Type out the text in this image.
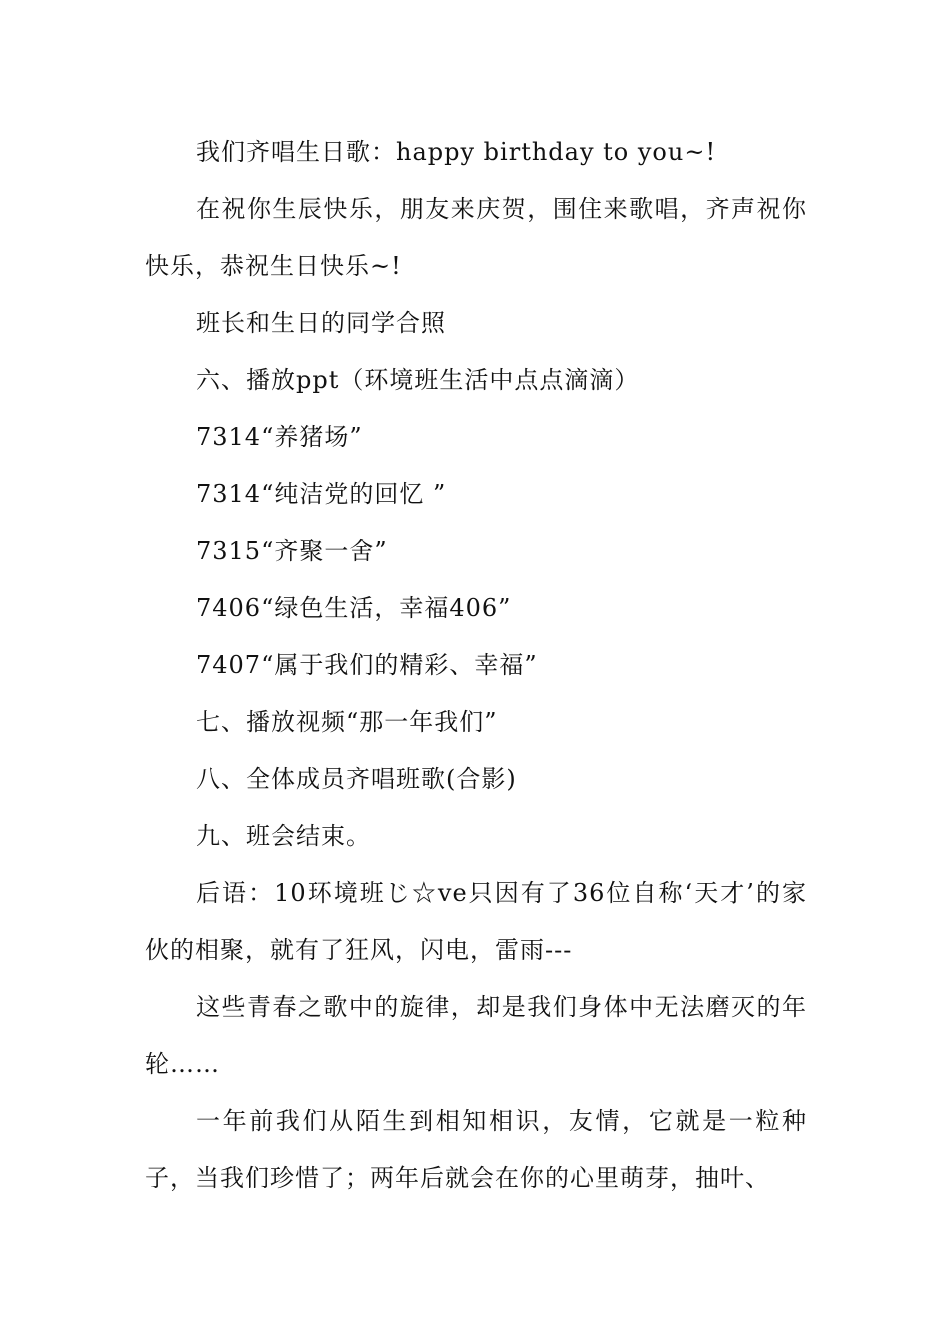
我们齐唱生日歌：happy birthday to you~!

在祝你生辰快乐，朋友来庆贺，围住来歌唱，齐声祝你快乐，恭祝生日快乐~!

班长和生日的同学合照

六、播放ppt（环境班生活中点点滴滴）

7314“养猪场”

7314“纯洁党的回忆 ”

7315“齐聚一舍”

7406“绿色生活，幸福406”

7407“属于我们的精彩、幸福”

七、播放视频“那一年我们”

八、全体成员齐唱班歌(合影)

九、班会结束。

后语：10环境班じ☆ve只因有了36位自称‘天才’的家伙的相聚，就有了狂风，闪电，雷雨---

这些青春之歌中的旋律，却是我们身体中无法磨灭的年轮……

一年前我们从陌生到相知相识，友情，它就是一粒种子，当我们珍惜了；两年后就会在你的心里萌芽，抽叶、
